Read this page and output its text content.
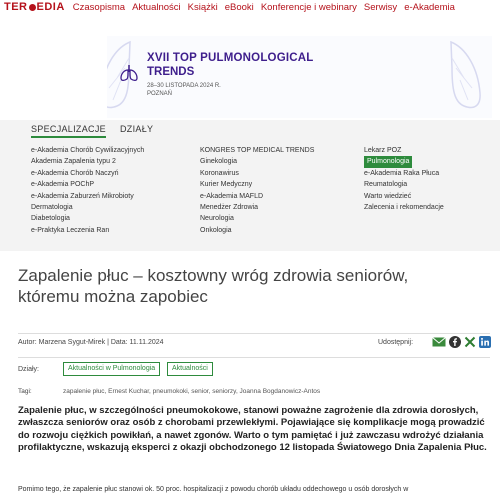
TER EDIA Czasopisma Aktualności Książki eBooki Konferencje i webinary Serwisy e-Akademia
XVII TOP PULMONOLOGICAL
TRENDS
28–30 LISTOPADA 2024 R.
POZNAŃ
SPECJALIZACJE DZIAŁY
e-Akademia Chorób Cywilizacyjnych
Akademia Zapalenia typu 2
e-Akademia Chorób Naczyń
e-Akademia POChP
e-Akademia Zaburzeń Mikrobioty
Dermatologia
Diabetologia
e-Praktyka Leczenia Ran
KONGRES TOP MEDICAL TRENDS
Ginekologia
Koronawirus
Kurier Medyczny
e-Akademia MAFLD
Menedżer Zdrowia
Neurologia
Onkologia
Lekarz POZ
Pulmonologia
e-Akademia Raka Płuca
Reumatologia
Warto wiedzieć
Zalecenia i rekomendacje
Zapalenie płuc – kosztowny wróg zdrowia seniorów,
któremu można zapobiec
Autor: Marzena Sygut-Mirek | Data: 11.11.2024	Udostępnij:
Działy:	Aktualności w Pulmonologia	Aktualności
Tagi:	zapalenie płuc, Ernest Kuchar, pneumokoki, senior, seniorzy, Joanna Bogdanowicz-Antos
Zapalenie płuc, w szczególności pneumokokowe, stanowi poważne zagrożenie dla zdrowia dorosłych, zwłaszcza seniorów oraz osób z chorobami przewlekłymi. Pojawiające się komplikacje mogą prowadzić do rozwoju ciężkich powikłań, a nawet zgonów. Warto o tym pamiętać i już zawczasu wdrożyć działania profilaktyczne, wskazują eksperci z okazji obchodzonego 12 listopada Światowego Dnia Zapalenia Płuc.
Pomimo tego, że zapalenie płuc stanowi ok. 50 proc. hospitalizacji z powodu chorób układu oddechowego u osób dorosłych w
